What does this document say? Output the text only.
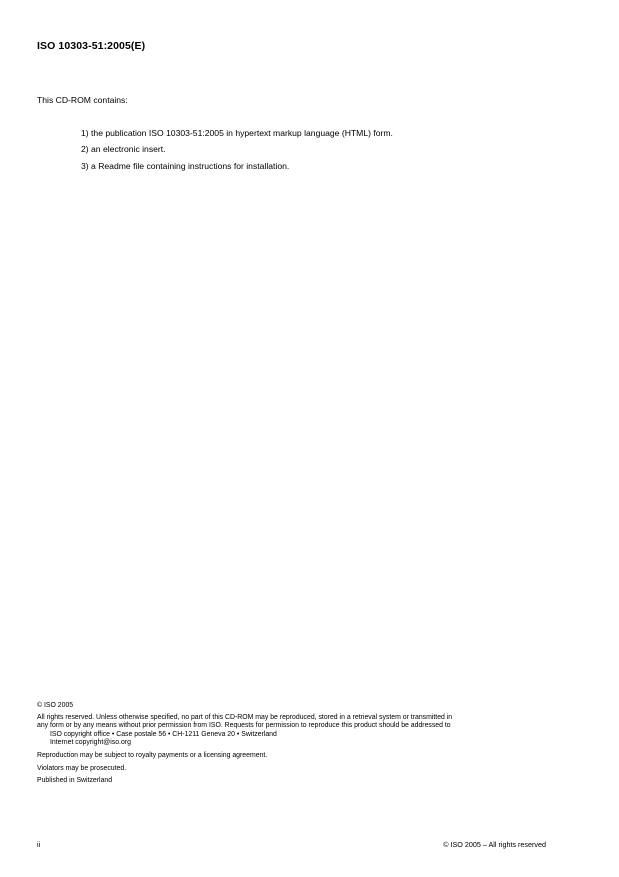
ISO 10303-51:2005(E)
This CD-ROM contains:
1) the publication ISO 10303-51:2005 in hypertext markup language (HTML) form.
2) an electronic insert.
3) a Readme file containing instructions for installation.
© ISO 2005
All rights reserved. Unless otherwise specified, no part of this CD-ROM may be reproduced, stored in a retrieval system or transmitted in
any form or by any means without prior permission from ISO. Requests for permission to reproduce this product should be addressed to
ISO copyright office • Case postale 56 • CH-1211 Geneva 20 • Switzerland
Internet copyright@iso.org
Reproduction may be subject to royalty payments or a licensing agreement.
Violators may be prosecuted.
Published in Switzerland
ii	© ISO 2005 – All rights reserved
